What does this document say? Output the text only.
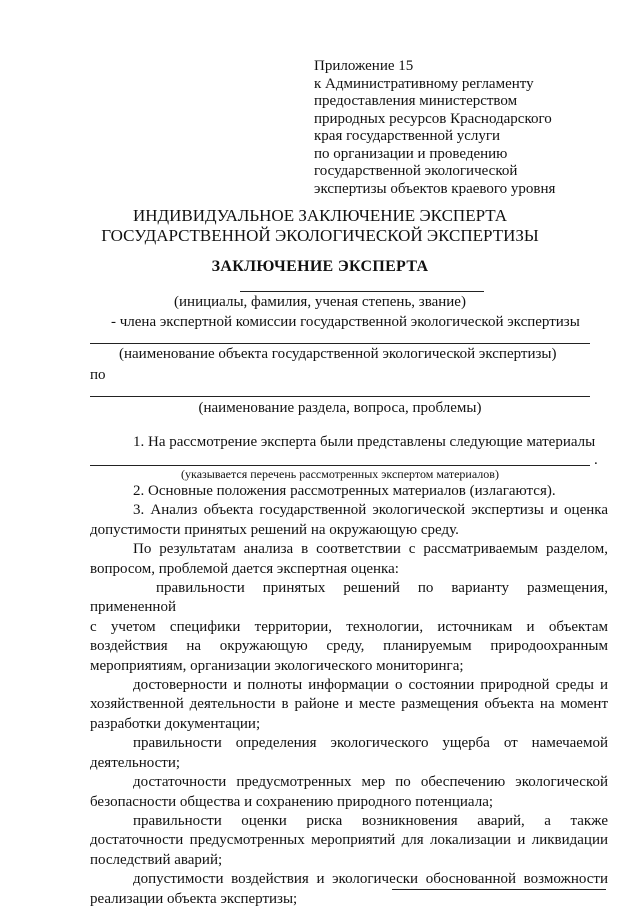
Приложение 15
к Административному регламенту
предоставления министерством
природных ресурсов Краснодарского
края государственной услуги
по организации и проведению
государственной экологической
экспертизы объектов краевого уровня
ИНДИВИДУАЛЬНОЕ ЗАКЛЮЧЕНИЕ ЭКСПЕРТА
ГОСУДАРСТВЕННОЙ ЭКОЛОГИЧЕСКОЙ ЭКСПЕРТИЗЫ
ЗАКЛЮЧЕНИЕ ЭКСПЕРТА
(инициалы, фамилия, ученая степень, звание)
- члена экспертной комиссии государственной экологической экспертизы
(наименование объекта государственной экологической экспертизы)
по
(наименование раздела, вопроса, проблемы)
1. На рассмотрение эксперта были представлены следующие материалы
.
(указывается перечень рассмотренных экспертом материалов)

2. Основные положения рассмотренных материалов (излагаются).

3. Анализ объекта государственной экологической экспертизы и оценка

допустимости принятых решений на окружающую среду.

По результатам анализа в соответствии с рассматриваемым разделом,

вопросом, проблемой дается экспертная оценка:

правильности принятых решений по варианту размещения, примененной

с учетом специфики территории, технологии, источникам и объектам

воздействия на окружающую среду, планируемым природоохранным

мероприятиям, организации экологического мониторинга;

достоверности и полноты информации о состоянии природной среды и

хозяйственной деятельности в районе и месте размещения объекта на момент

разработки документации;

правильности определения экологического ущерба от намечаемой

деятельности;

достаточности предусмотренных мер по обеспечению экологической

безопасности общества и сохранению природного потенциала;

правильности оценки риска возникновения аварий, а также

достаточности предусмотренных мероприятий для локализации и ликвидации

последствий аварий;

допустимости воздействия и экологически обоснованной возможности

реализации объекта экспертизы;
